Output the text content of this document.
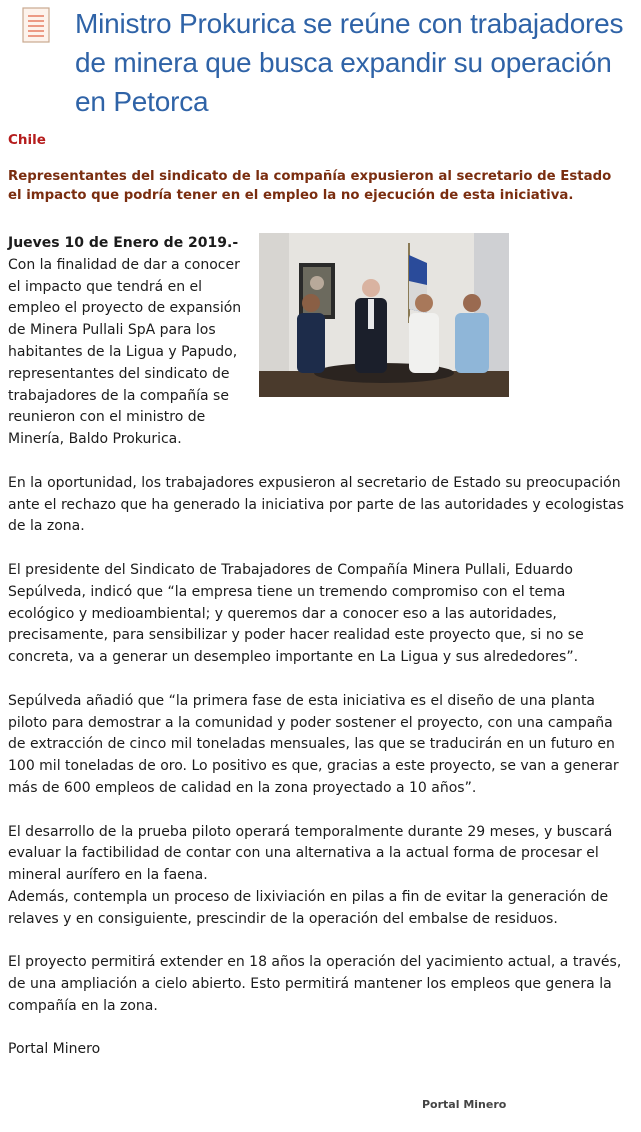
Ministro Prokurica se reúne con trabajadores de minera que busca expandir su operación en Petorca
Chile

Representantes del sindicato de la compañía expusieron al secretario de Estado el impacto que podría tener en el empleo la no ejecución de esta iniciativa.

Jueves 10 de Enero de 2019.-

Con la finalidad de dar a conocer el impacto que tendrá en el empleo el proyecto de expansión de Minera Pullali SpA para los habitantes de la Ligua y Papudo, representantes del sindicato de trabajadores de la compañía se reunieron con el ministro de Minería, Baldo Prokurica.

En la oportunidad, los trabajadores expusieron al secretario de Estado su preocupación ante el rechazo que ha generado la iniciativa por parte de las autoridades y ecologistas de la zona.

El presidente del Sindicato de Trabajadores de Compañía Minera Pullali, Eduardo Sepúlveda, indicó que “la empresa tiene un tremendo compromiso con el tema ecológico y medioambiental; y queremos dar a conocer eso a las autoridades, precisamente, para sensibilizar y poder hacer realidad este proyecto que, si no se concreta, va a generar un desempleo importante en La Ligua y sus alrededores”.

Sepúlveda añadió que “la primera fase de esta iniciativa es el diseño de una planta piloto para demostrar a la comunidad y poder sostener el proyecto, con una campaña de extracción de cinco mil toneladas mensuales, las que se traducirán en un futuro en 100 mil toneladas de oro. Lo positivo es que, gracias a este proyecto, se van a generar más de 600 empleos de calidad en la zona proyectado a 10 años”.

El desarrollo de la prueba piloto operará temporalmente durante 29 meses, y buscará evaluar la factibilidad de contar con una alternativa a la actual forma de procesar el mineral aurífero en la faena.

Además, contempla un proceso de lixiviación en pilas a fin de evitar la generación de relaves y en consiguiente, prescindir de la operación del embalse de residuos.

El proyecto permitirá extender en 18 años la operación del yacimiento actual, a través, de una ampliación a cielo abierto. Esto permitirá mantener los empleos que genera la compañía en la zona.

Portal Minero

Portal Minero
